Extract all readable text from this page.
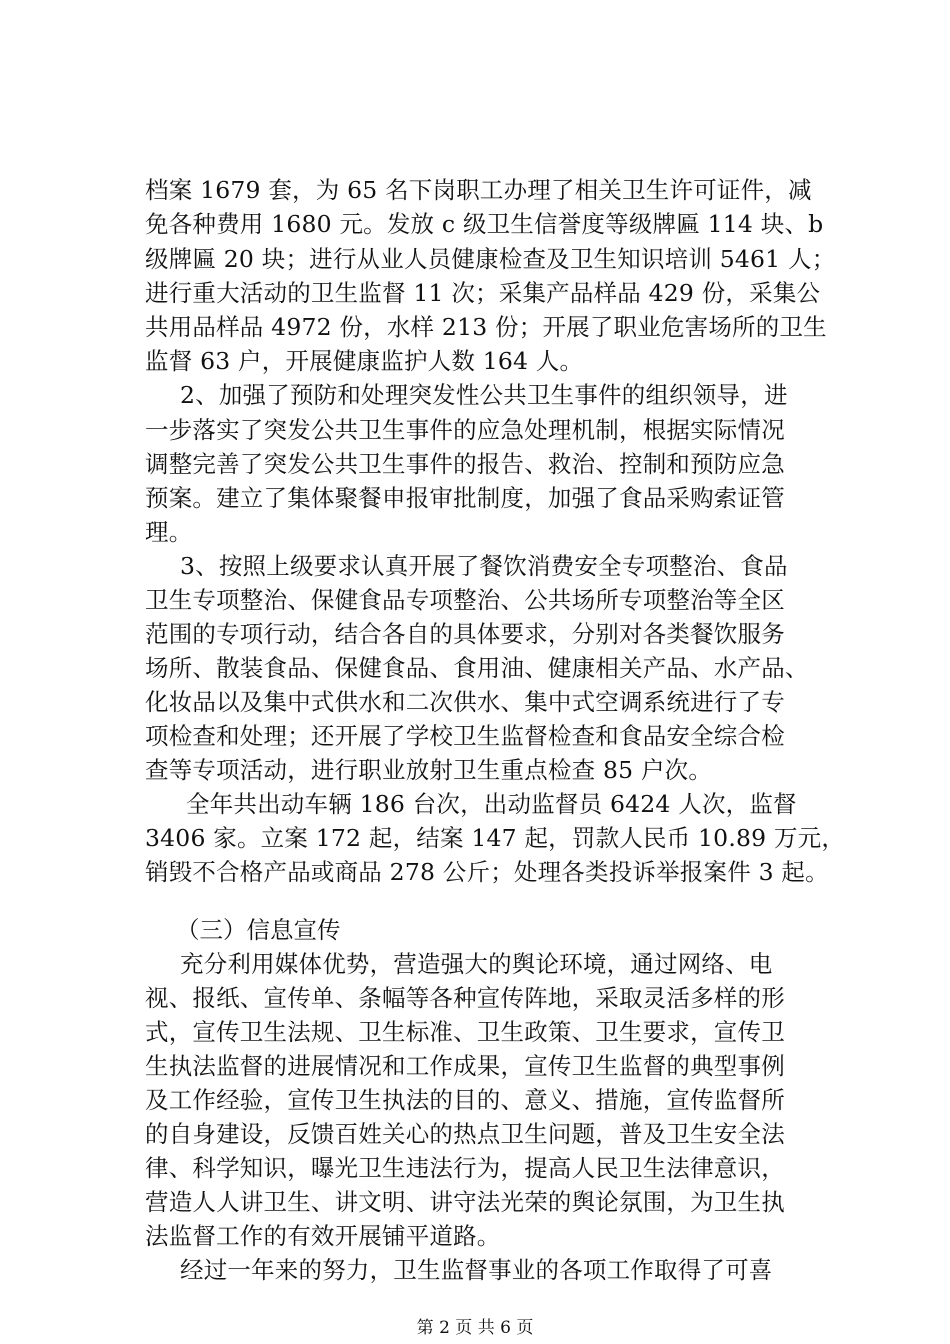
档案 1679 套，为 65 名下岗职工办理了相关卫生许可证件，减
免各种费用 1680 元。发放 c 级卫生信誉度等级牌匾 114 块、b
级牌匾 20 块；进行从业人员健康检查及卫生知识培训 5461 人；
进行重大活动的卫生监督 11 次；采集产品样品 429 份，采集公
共用品样品 4972 份，水样 213 份；开展了职业危害场所的卫生
监督 63 户，开展健康监护人数 164 人。
2、加强了预防和处理突发性公共卫生事件的组织领导，进
一步落实了突发公共卫生事件的应急处理机制，根据实际情况
调整完善了突发公共卫生事件的报告、救治、控制和预防应急
预案。建立了集体聚餐申报审批制度，加强了食品采购索证管
理。
3、按照上级要求认真开展了餐饮消费安全专项整治、食品
卫生专项整治、保健食品专项整治、公共场所专项整治等全区
范围的专项行动，结合各自的具体要求，分别对各类餐饮服务
场所、散装食品、保健食品、食用油、健康相关产品、水产品、
化妆品以及集中式供水和二次供水、集中式空调系统进行了专
项检查和处理；还开展了学校卫生监督检查和食品安全综合检
查等专项活动，进行职业放射卫生重点检查 85 户次。
全年共出动车辆 186 台次，出动监督员 6424 人次，监督
3406 家。立案 172 起，结案 147 起，罚款人民币 10.89 万元，
销毁不合格产品或商品 278 公斤；处理各类投诉举报案件 3 起。
（三）信息宣传
充分利用媒体优势，营造强大的舆论环境，通过网络、电
视、报纸、宣传单、条幅等各种宣传阵地，采取灵活多样的形
式，宣传卫生法规、卫生标准、卫生政策、卫生要求，宣传卫
生执法监督的进展情况和工作成果，宣传卫生监督的典型事例
及工作经验，宣传卫生执法的目的、意义、措施，宣传监督所
的自身建设，反馈百姓关心的热点卫生问题，普及卫生安全法
律、科学知识，曝光卫生违法行为，提高人民卫生法律意识，
营造人人讲卫生、讲文明、讲守法光荣的舆论氛围，为卫生执
法监督工作的有效开展铺平道路。
经过一年来的努力，卫生监督事业的各项工作取得了可喜
第 2 页 共 6 页
